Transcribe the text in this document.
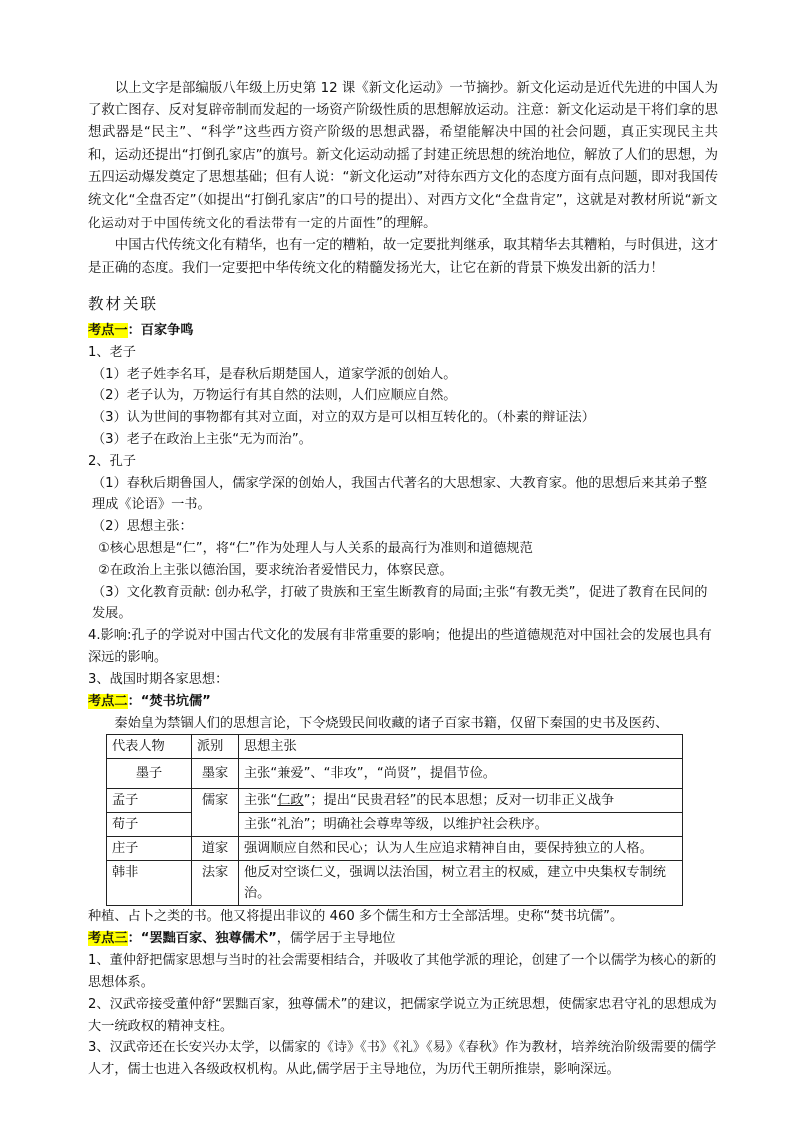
以上文字是部编版八年级上历史第 12 课《新文化运动》一节摘抄。新文化运动是近代先进的中国人为了救亡图存、反对复辟帝制而发起的一场资产阶级性质的思想解放运动。注意：新文化运动是干将们拿的思想武器是“民主”、“科学”这些西方资产阶级的思想武器，希望能解决中国的社会问题，真正实现民主共和，运动还提出“打倒孔家店”的旗号。新文化运动动摇了封建正统思想的统治地位，解放了人们的思想，为五四运动爆发奠定了思想基础；但有人说：“新文化运动”对待东西方文化的态度方面有点问题，即对我国传统文化“全盘否定”（如提出“打倒孔家店”的口号的提出）、对西方文化“全盘肯定”，这就是对教材所说“新文化运动对于中国传统文化的看法带有一定的片面性”的理解。

中国古代传统文化有精华，也有一定的糟粕，故一定要批判继承，取其精华去其糟粕，与时俱进，这才是正确的态度。我们一定要把中华传统文化的精髓发扬光大，让它在新的背景下焕发出新的活力！

教材关联

考点一：百家争鸣

1、老子

（1）老子姓李名耳，是春秋后期楚国人，道家学派的创始人。

（2）老子认为，万物运行有其自然的法则，人们应顺应自然。

（3）认为世间的事物都有其对立面，对立的双方是可以相互转化的。（朴素的辩证法）

（3）老子在政治上主张“无为而治”。

2、孔子

（1）春秋后期鲁国人，儒家学深的创始人，我国古代著名的大思想家、大教育家。他的思想后来其弟子整理成《论语》一书。

（2）思想主张：

①核心思想是“仁”，将“仁”作为处理人与人关系的最高行为准则和道德规范

②在政治上主张以德治国，要求统治者爱惜民力，体察民意。

（3）文化教育贡献: 创办私学，打破了贵族和王室生断教育的局面;主张“有教无类”，促进了教育在民间的发展。

4.影响:孔子的学说对中国古代文化的发展有非常重要的影响；他提出的些道德规范对中国社会的发展也具有深远的影响。

3、战国时期各家思想：

考点二：“焚书坑儒”

秦始皇为禁锢人们的思想言论，下令烧毁民间收藏的诸子百家书籍，仅留下秦国的史书及医药、

代表人物	派别	思想主张
墨子	墨家	主张“兼爱”、“非攻”，“尚贤”，提倡节俭。
孟子	儒家	主张“仁政”；提出“民贵君轻”的民本思想；反对一切非正义战争
荀子		主张“礼治”；明确社会尊卑等级，以维护社会秩序。
庄子	道家	强调顺应自然和民心；认为人生应追求精神自由，要保持独立的人格。
韩非	法家	他反对空谈仁义，强调以法治国，树立君主的权威，建立中央集权专制统治。

种植、占卜之类的书。他又将提出非议的 460 多个儒生和方士全部活埋。史称“焚书坑儒”。

考点三：“罢黜百家、独尊儒术”，儒学居于主导地位

1、董仲舒把儒家思想与当时的社会需要相结合，并吸收了其他学派的理论，创建了一个以儒学为核心的新的思想体系。

2、汉武帝接受董仲舒“罢黜百家，独尊儒术”的建议，把儒家学说立为正统思想，使儒家忠君守礼的思想成为大一统政权的精神支柱。

3、汉武帝还在长安兴办太学，以儒家的《诗》《书》《礼》《易》《春秋》作为教材，培养统治阶级需要的儒学人才，儒士也进入各级政权机构。从此,儒学居于主导地位，为历代王朝所推崇，影响深远。
